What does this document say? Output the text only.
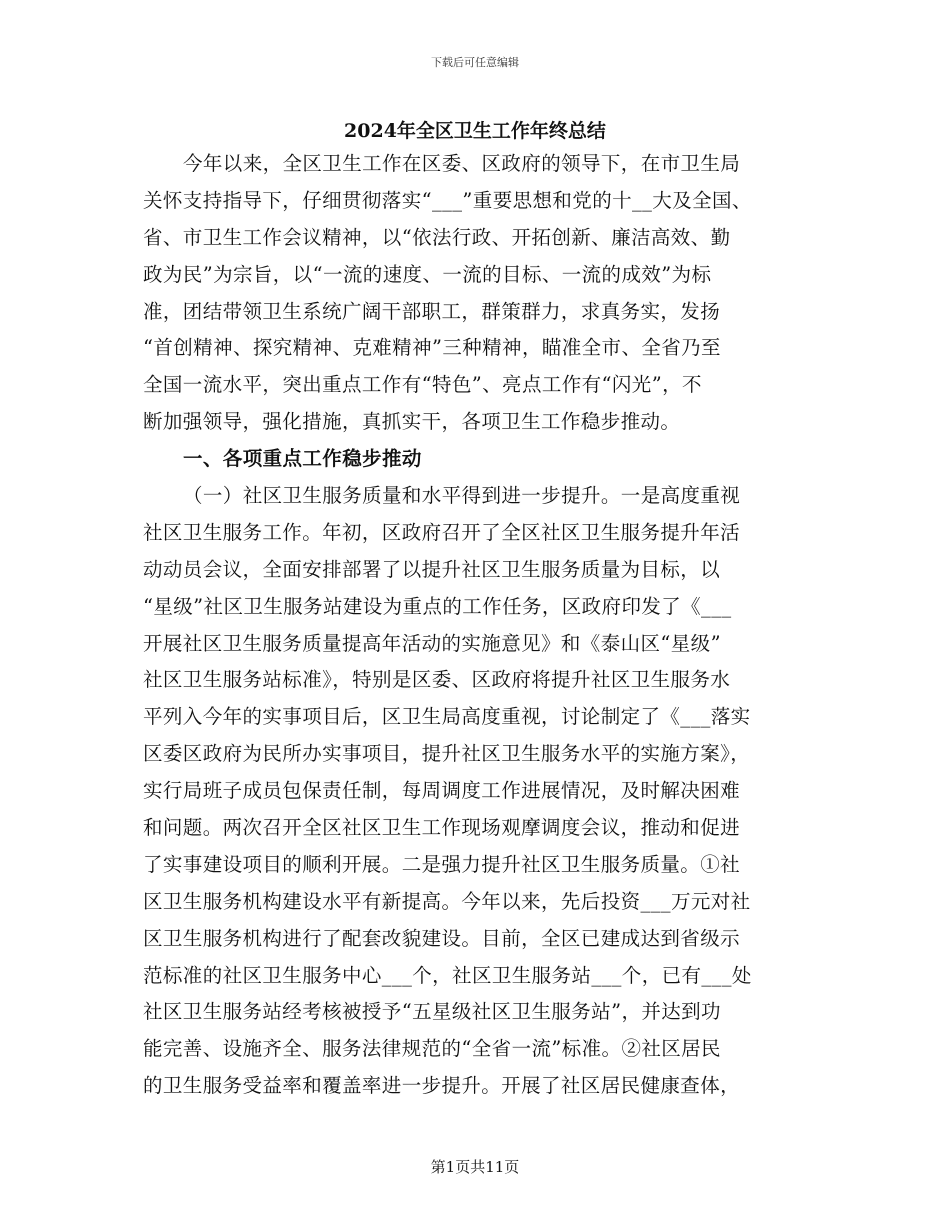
下载后可任意编辑
2024年全区卫生工作年终总结
今年以来，全区卫生工作在区委、区政府的领导下，在市卫生局
关怀支持指导下，仔细贯彻落实“___”重要思想和党的十__大及全国、
省、市卫生工作会议精神，以“依法行政、开拓创新、廉洁高效、勤
政为民”为宗旨，以“一流的速度、一流的目标、一流的成效”为标
准，团结带领卫生系统广阔干部职工，群策群力，求真务实，发扬
“首创精神、探究精神、克难精神”三种精神，瞄准全市、全省乃至
全国一流水平，突出重点工作有“特色”、亮点工作有“闪光”，不
断加强领导，强化措施，真抓实干，各项卫生工作稳步推动。
一、各项重点工作稳步推动
（一）社区卫生服务质量和水平得到进一步提升。一是高度重视
社区卫生服务工作。年初，区政府召开了全区社区卫生服务提升年活
动动员会议，全面安排部署了以提升社区卫生服务质量为目标，以
“星级”社区卫生服务站建设为重点的工作任务，区政府印发了《___
开展社区卫生服务质量提高年活动的实施意见》和《泰山区“星级”
社区卫生服务站标准》，特别是区委、区政府将提升社区卫生服务水
平列入今年的实事项目后，区卫生局高度重视，讨论制定了《___落实
区委区政府为民所办实事项目，提升社区卫生服务水平的实施方案》，
实行局班子成员包保责任制，每周调度工作进展情况，及时解决困难
和问题。两次召开全区社区卫生工作现场观摩调度会议，推动和促进
了实事建设项目的顺利开展。二是强力提升社区卫生服务质量。①社
区卫生服务机构建设水平有新提高。今年以来，先后投资___万元对社
区卫生服务机构进行了配套改貌建设。目前，全区已建成达到省级示
范标准的社区卫生服务中心___个，社区卫生服务站___个，已有___处
社区卫生服务站经考核被授予“五星级社区卫生服务站”，并达到功
能完善、设施齐全、服务法律规范的“全省一流”标准。②社区居民
的卫生服务受益率和覆盖率进一步提升。开展了社区居民健康查体，
第1页共11页
